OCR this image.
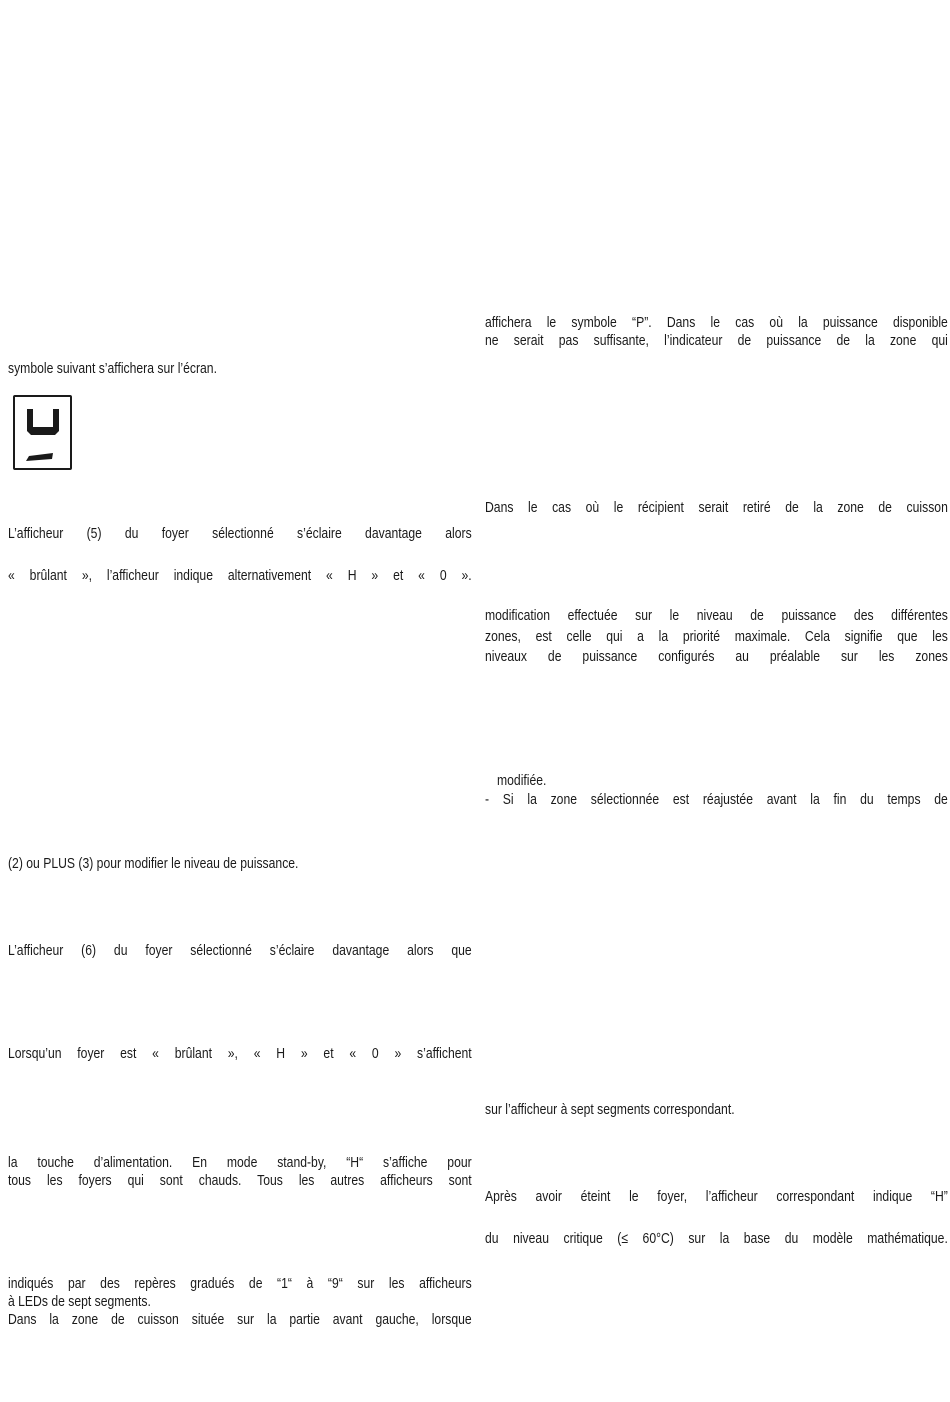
symbole suivant s’affichera sur l’écran.

L’afficheur (5) du foyer sélectionné s’éclaire davantage alors

« brûlant », l’afficheur indique alternativement « H » et « 0 ».

(2) ou PLUS (3) pour modifier le niveau de puissance.

L’afficheur (6) du foyer sélectionné s’éclaire davantage alors que

Lorsqu’un foyer est « brûlant », « H » et « 0 » s’affichent

la touche d’alimentation. En mode stand-by, “H“ s’affiche pour

tous les foyers qui sont chauds. Tous les autres afficheurs sont

indiqués par des repères gradués de “1“ à “9“ sur les afficheurs

à LEDs de sept segments.

Dans la zone de cuisson située sur la partie avant gauche, lorsque

affichera le symbole “P”. Dans le cas où la puissance disponible

ne serait pas suffisante, l’indicateur de puissance de la zone qui

Dans le cas où le récipient serait retiré de la zone de cuisson

modification effectuée sur le niveau de puissance des différentes

zones, est celle qui a la priorité maximale. Cela signifie que les

niveaux de puissance configurés au préalable sur les zones

modifiée.

- Si la zone sélectionnée est réajustée avant la fin du temps de

sur l’afficheur à sept segments correspondant.

Après avoir éteint le foyer, l’afficheur correspondant indique “H”

du niveau critique (≤ 60°C) sur la base du modèle mathématique.
